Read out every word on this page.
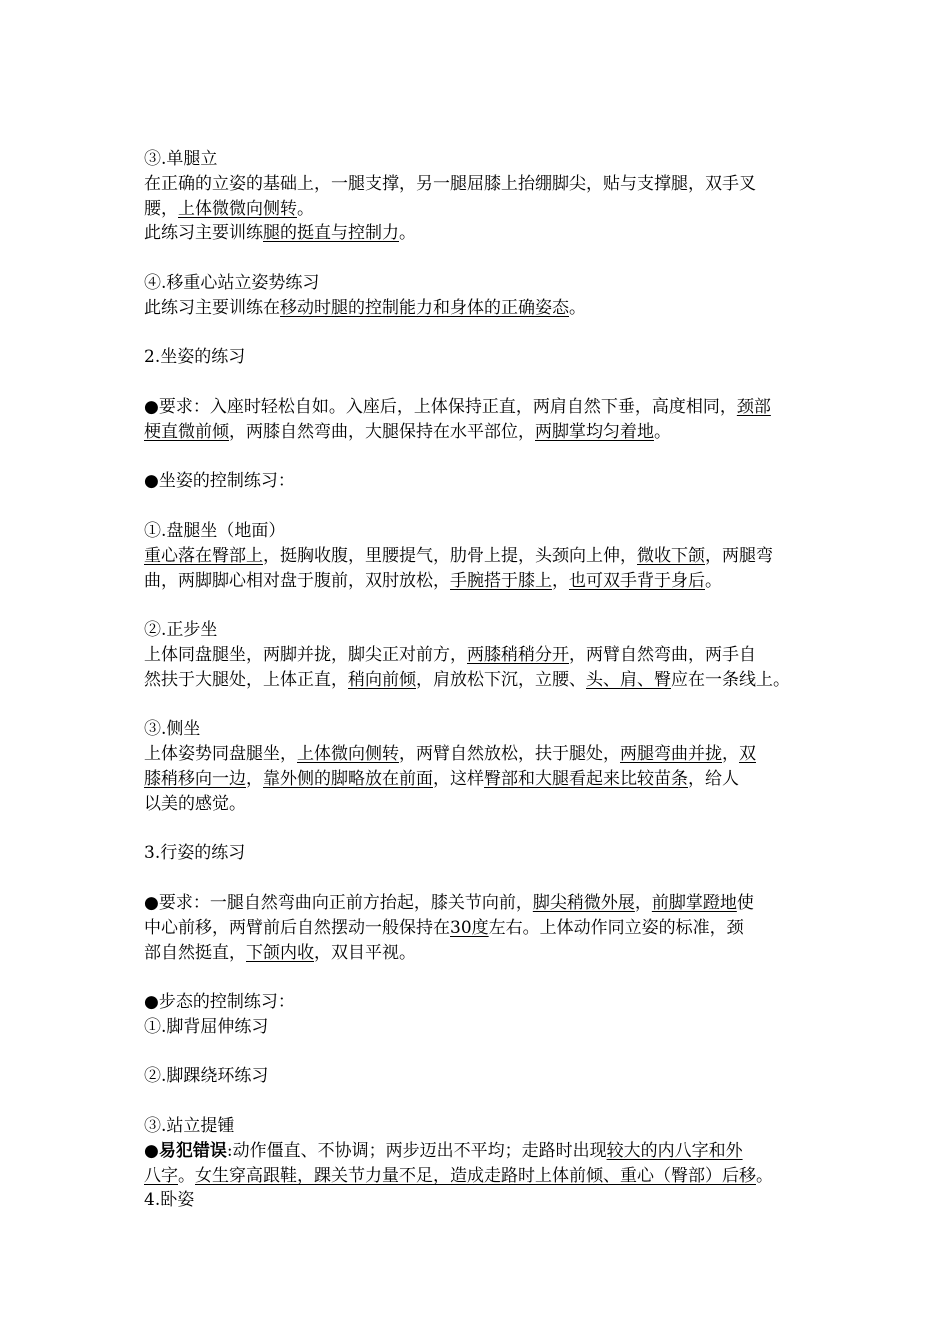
③.单腿立
在正确的立姿的基础上，一腿支撑，另一腿屈膝上抬绷脚尖，贴与支撑腿，双手叉
腰，上体微微向侧转。
此练习主要训练腿的挺直与控制力。
④.移重心站立姿势练习
此练习主要训练在移动时腿的控制能力和身体的正确姿态。
2.坐姿的练习
●要求：入座时轻松自如。入座后，上体保持正直，两肩自然下垂，高度相同，颈部
梗直微前倾，两膝自然弯曲，大腿保持在水平部位，两脚掌均匀着地。
●坐姿的控制练习：
①.盘腿坐（地面）
重心落在臀部上，挺胸收腹，里腰提气，肋骨上提，头颈向上伸，微收下颌，两腿弯
曲，两脚脚心相对盘于腹前，双肘放松，手腕搭于膝上，也可双手背于身后。
②.正步坐
上体同盘腿坐，两脚并拢，脚尖正对前方，两膝稍稍分开，两臂自然弯曲，两手自
然扶于大腿处，上体正直，稍向前倾，肩放松下沉，立腰、头、肩、臀应在一条线上。
③.侧坐
上体姿势同盘腿坐，上体微向侧转，两臂自然放松，扶于腿处，两腿弯曲并拢，双
膝稍移向一边，靠外侧的脚略放在前面，这样臀部和大腿看起来比较苗条，给人
以美的感觉。
3.行姿的练习
●要求：一腿自然弯曲向正前方抬起，膝关节向前，脚尖稍微外展，前脚掌蹬地使
中心前移，两臂前后自然摆动一般保持在30度左右。上体动作同立姿的标准，颈
部自然挺直，下颌内收，双目平视。
●步态的控制练习：
①.脚背屈伸练习
②.脚踝绕环练习
③.站立提锺
●易犯错误:动作僵直、不协调；两步迈出不平均；走路时出现较大的内八字和外
八字。女生穿高跟鞋，踝关节力量不足，造成走路时上体前倾、重心（臀部）后移。
4.卧姿
